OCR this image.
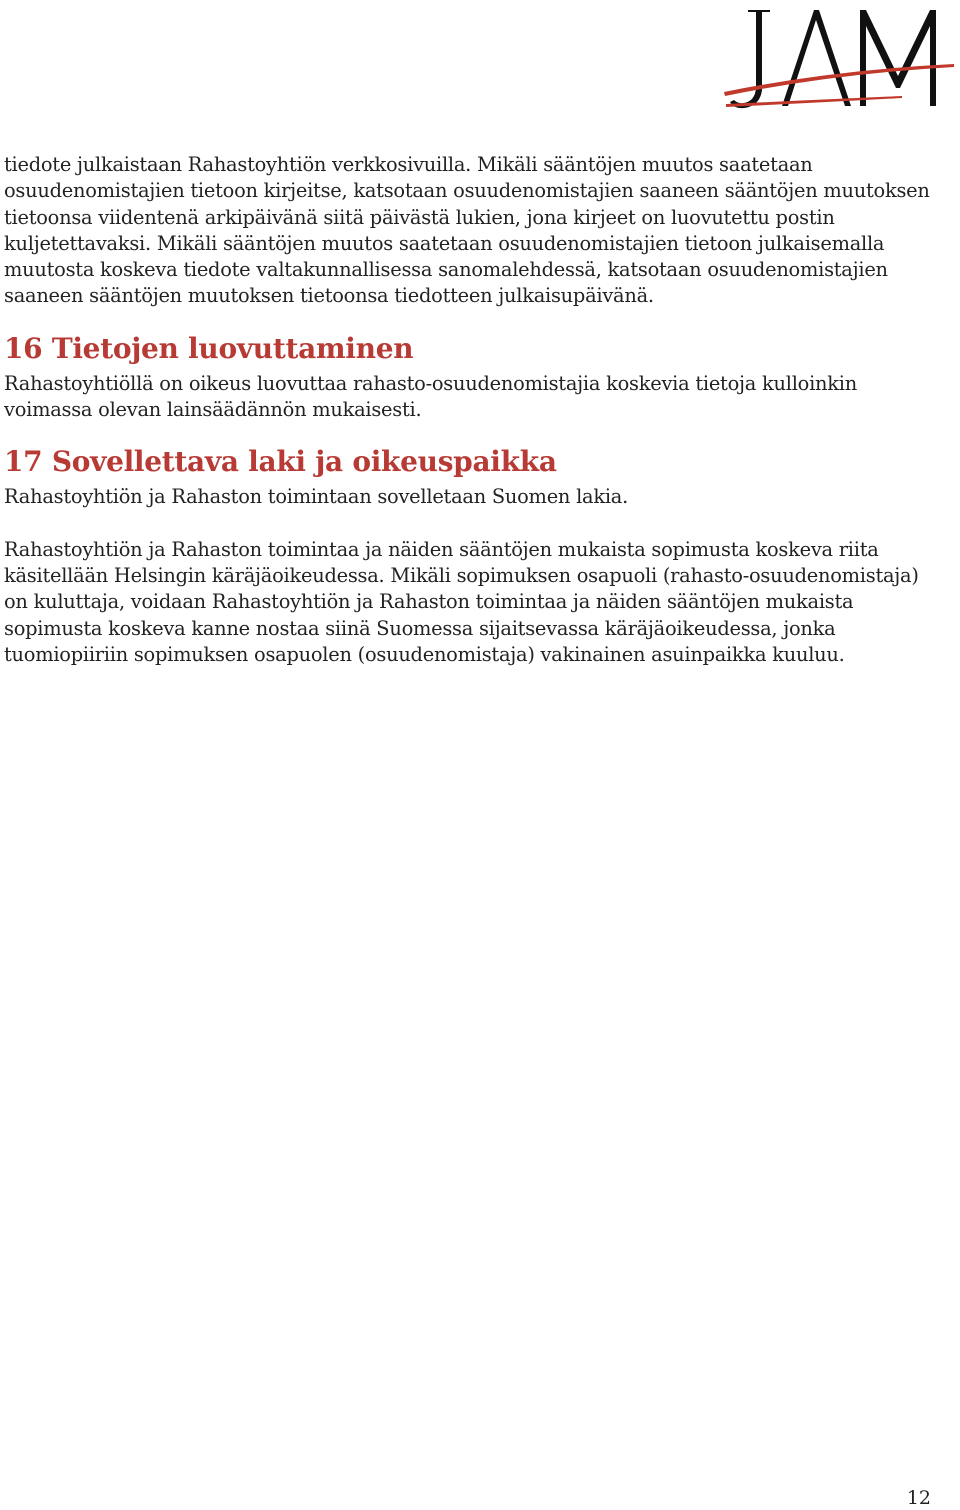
tiedote julkaistaan Rahastoyhtiön verkkosivuilla. Mikäli sääntöjen muutos saatetaan osuudenomistajien tietoon kirjeitse, katsotaan osuudenomistajien saaneen sääntöjen muutoksen tietoonsa viidentenä arkipäivänä siitä päivästä lukien, jona kirjeet on luovutettu postin kuljetettavaksi. Mikäli sääntöjen muutos saatetaan osuudenomistajien tietoon julkaisemalla muutosta koskeva tiedote valtakunnallisessa sanomalehdessä, katsotaan osuudenomistajien saaneen sääntöjen muutoksen tietoonsa tiedotteen julkaisupäivänä.

16 Tietojen luovuttaminen

Rahastoyhtiöllä on oikeus luovuttaa rahasto-osuudenomistajia koskevia tietoja kulloinkin voimassa olevan lainsäädännön mukaisesti.

17 Sovellettava laki ja oikeuspaikka

Rahastoyhtiön ja Rahaston toimintaan sovelletaan Suomen lakia.

Rahastoyhtiön ja Rahaston toimintaa ja näiden sääntöjen mukaista sopimusta koskeva riita käsitellään Helsingin käräjäoikeudessa. Mikäli sopimuksen osapuoli (rahasto-osuudenomistaja) on kuluttaja, voidaan Rahastoyhtiön ja Rahaston toimintaa ja näiden sääntöjen mukaista sopimusta koskeva kanne nostaa siinä Suomessa sijaitsevassa käräjäoikeudessa, jonka tuomiopiiriin sopimuksen osapuolen (osuudenomistaja) vakinainen asuinpaikka kuuluu.

12
